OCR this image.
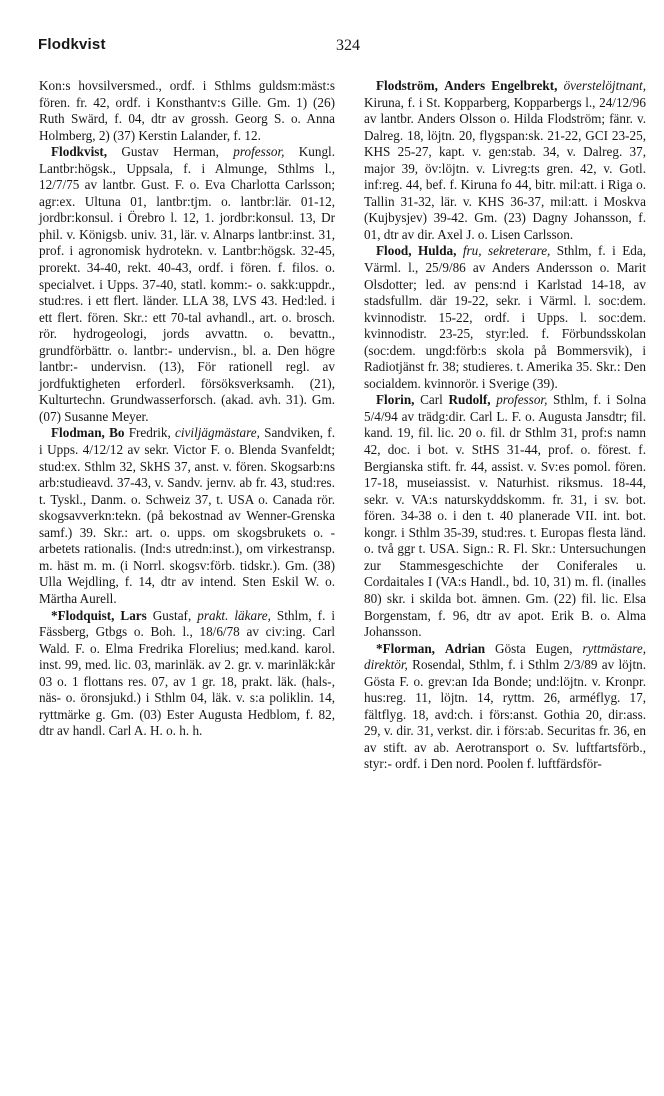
Flodkvist	324

Kon:s hovsilversmed., ordf. i Sthlms guldsm:mäst:s fören. fr. 42, ordf. i Konsthantv:s Gille. Gm. 1) (26) Ruth Swärd, f. 04, dtr av grossh. Georg S. o. Anna Holmberg, 2) (37) Kerstin Lalander, f. 12.

Flodkvist, Gustav Herman, professor, Kungl. Lantbr:högsk., Uppsala, f. i Almunge, Sthlms l., 12/7/75 av lantbr. Gust. F. o. Eva Charlotta Carlsson; agr:ex. Ultuna 01, lantbr:tjm. o. lantbr:lär. 01-12, jordbr:konsul. i Örebro l. 12, 1. jordbr:konsul. 13, Dr phil. v. Königsb. univ. 31, lär. v. Alnarps lantbr:inst. 31, prof. i agronomisk hydrotekn. v. Lantbr:högsk. 32-45, prorekt. 34-40, rekt. 40-43, ordf. i fören. f. filos. o. specialvet. i Upps. 37-40, statl. komm:- o. sakk:uppdr., stud:res. i ett flert. länder. LLA 38, LVS 43. Hed:led. i ett flert. fören. Skr.: ett 70-tal avhandl., art. o. brosch. rör. hydrogeologi, jords avvattn. o. bevattn., grundförbättr. o. lantbr:- undervisn., bl. a. Den högre lantbr:- undervisn. (13), För rationell regl. av jordfuktigheten erforderl. försöksverksamh. (21), Kulturtechn. Grundwasserforsch. (akad. avh. 31). Gm. (07) Susanne Meyer.

Flodman, Bo Fredrik, civiljägmästare, Sandviken, f. i Upps. 4/12/12 av sekr. Victor F. o. Blenda Svanfeldt; stud:ex. Sthlm 32, SkHS 37, anst. v. fören. Skogsarb:ns arb:studieavd. 37-43, v. Sandv. jernv. ab fr. 43, stud:res. t. Tyskl., Danm. o. Schweiz 37, t. USA o. Canada rör. skogsavverkn:tekn. (på bekostnad av Wenner-Grenska samf.) 39. Skr.: art. o. upps. om skogsbrukets o. -arbetets rationalis. (Ind:s utredn:inst.), om virkestransp. m. häst m. m. (i Norrl. skogsv:förb. tidskr.). Gm. (38) Ulla Wejdling, f. 14, dtr av intend. Sten Eskil W. o. Märtha Aurell.

*Flodquist, Lars Gustaf, prakt. läkare, Sthlm, f. i Fässberg, Gtbgs o. Boh. l., 18/6/78 av civ:ing. Carl Wald. F. o. Elma Fredrika Florelius; med.kand. karol. inst. 99, med. lic. 03, marinläk. av 2. gr. v. marinläk:kår 03 o. 1 flottans res. 07, av 1 gr. 18, prakt. läk. (hals-, näs- o. öronsjukd.) i Sthlm 04, läk. v. s:a poliklin. 14, ryttmärke g. Gm. (03) Ester Augusta Hedblom, f. 82, dtr av handl. Carl A. H. o. h. h.

Flodström, Anders Engelbrekt, överstelöjtnant, Kiruna, f. i St. Kopparberg, Kopparbergs l., 24/12/96 av lantbr. Anders Olsson o. Hilda Flodström; fänr. v. Dalreg. 18, löjtn. 20, flygspan:sk. 21-22, GCI 23-25, KHS 25-27, kapt. v. gen:stab. 34, v. Dalreg. 37, major 39, öv:löjtn. v. Livreg:ts gren. 42, v. Gotl. inf:reg. 44, bef. f. Kiruna fo 44, bitr. mil:att. i Riga o. Tallin 31-32, lär. v. KHS 36-37, mil:att. i Moskva (Kujbysjev) 39-42. Gm. (23) Dagny Johansson, f. 01, dtr av dir. Axel J. o. Lisen Carlsson.

Flood, Hulda, fru, sekreterare, Sthlm, f. i Eda, Värml. l., 25/9/86 av Anders Andersson o. Marit Olsdotter; led. av pens:nd i Karlstad 14-18, av stadsfullm. där 19-22, sekr. i Värml. l. soc:dem. kvinnodistr. 15-22, ordf. i Upps. l. soc:dem. kvinnodistr. 23-25, styr:led. f. Förbundsskolan (soc:dem. ungd:förb:s skola på Bommersvik), i Radiotjänst fr. 38; studieres. t. Amerika 35. Skr.: Den socialdem. kvinnorör. i Sverige (39).

Florin, Carl Rudolf, professor, Sthlm, f. i Solna 5/4/94 av trädg:dir. Carl L. F. o. Augusta Jansdtr; fil. kand. 19, fil. lic. 20 o. fil. dr Sthlm 31, prof:s namn 42, doc. i bot. v. StHS 31-44, prof. o. förest. f. Bergianska stift. fr. 44, assist. v. Sv:es pomol. fören. 17-18, museiassist. v. Naturhist. riksmus. 18-44, sekr. v. VA:s naturskyddskomm. fr. 31, i sv. bot. fören. 34-38 o. i den t. 40 planerade VII. int. bot. kongr. i Sthlm 35-39, stud:res. t. Europas flesta länd. o. två ggr t. USA. Sign.: R. Fl. Skr.: Untersuchungen zur Stammesgeschichte der Coniferales u. Cordaitales I (VA:s Handl., bd. 10, 31) m. fl. (inalles 80) skr. i skilda bot. ämnen. Gm. (22) fil. lic. Elsa Borgenstam, f. 96, dtr av apot. Erik B. o. Alma Johansson.

*Florman, Adrian Gösta Eugen, ryttmästare, direktör, Rosendal, Sthlm, f. i Sthlm 2/3/89 av löjtn. Gösta F. o. grev:an Ida Bonde; und:löjtn. v. Kronpr. hus:reg. 11, löjtn. 14, ryttm. 26, arméflyg. 17, fältflyg. 18, avd:ch. i förs:anst. Gothia 20, dir:ass. 29, v. dir. 31, verkst. dir. i förs:ab. Securitas fr. 36, en av stift. av ab. Aerotransport o. Sv. luftfartsförb., styr:- ordf. i Den nord. Poolen f. luftfärdsför-
